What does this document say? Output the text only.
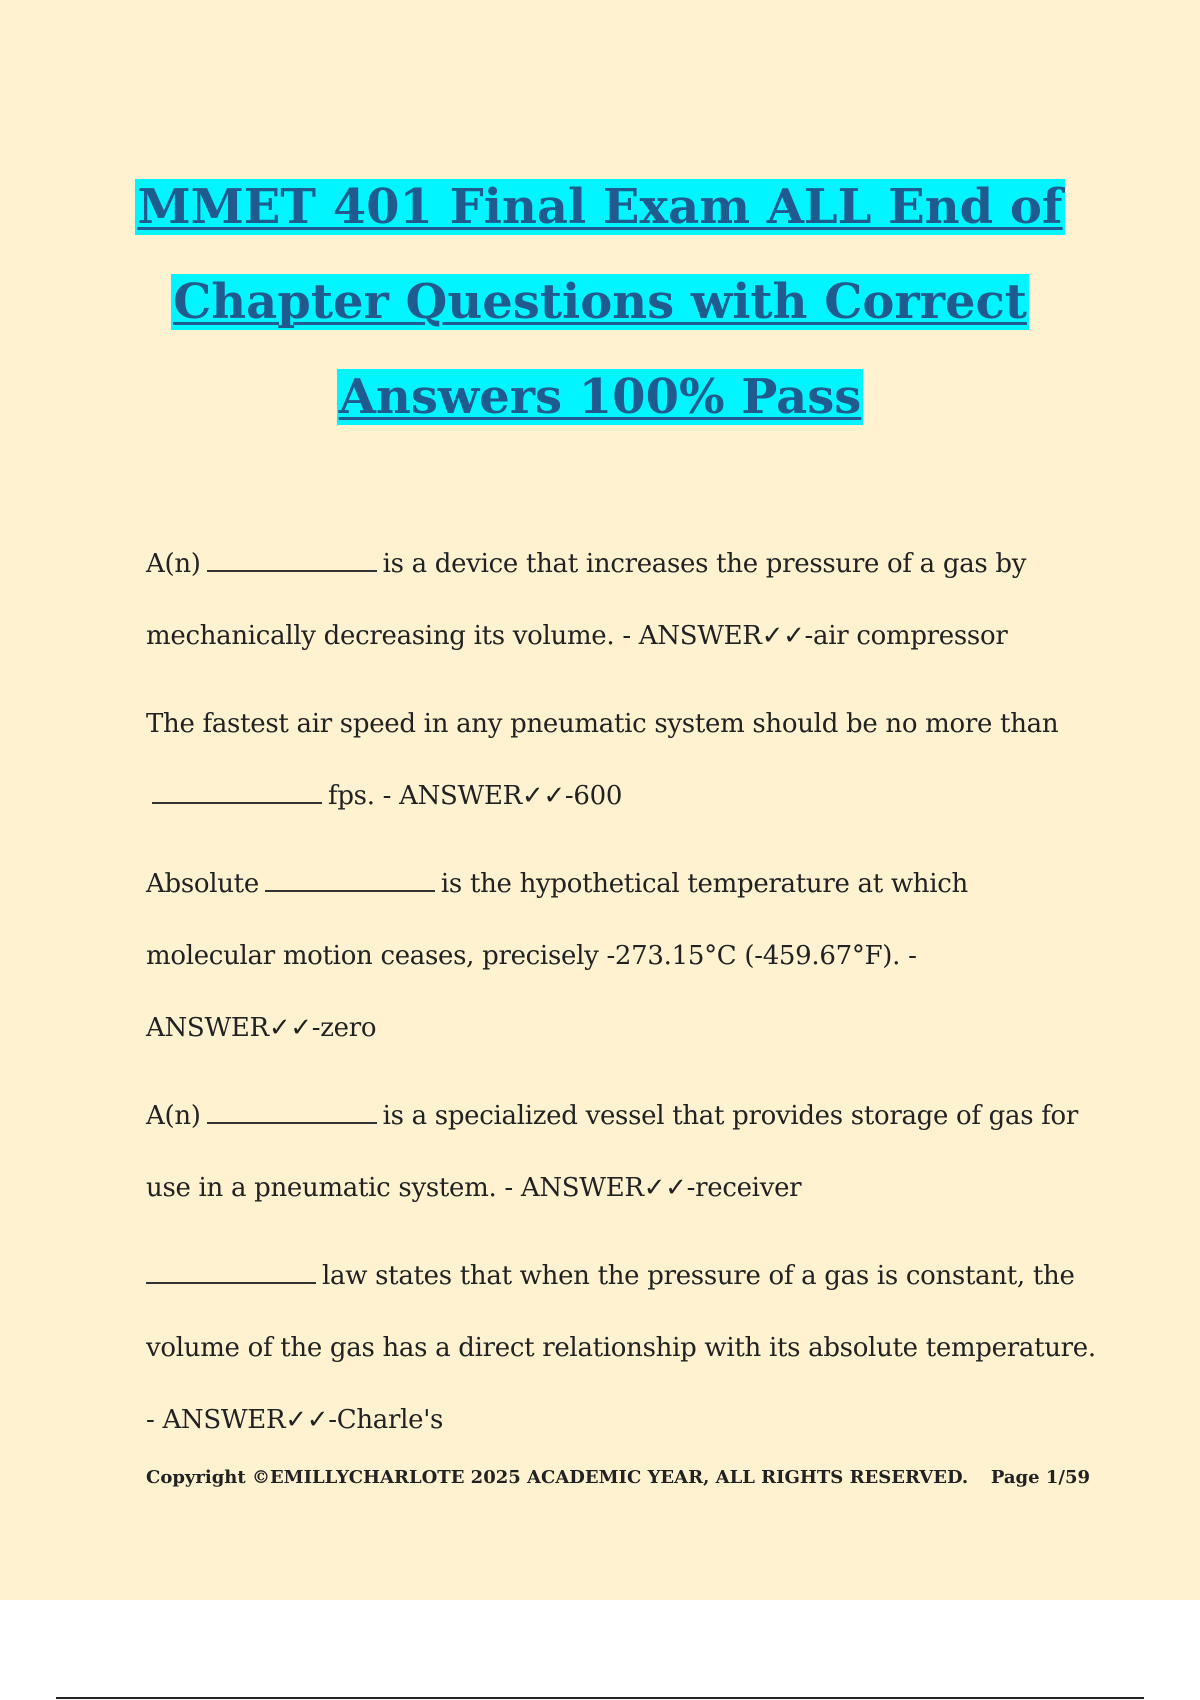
MMET 401 Final Exam ALL End of
Chapter Questions with Correct
Answers 100% Pass

A(n)	is a device that increases the pressure of a gas by mechanically decreasing its volume. - ANSWER✓✓-air compressor

The fastest air speed in any pneumatic system should be no more thanfps. - ANSWER✓✓-600

Absolute	is the hypothetical temperature at which molecular motion ceases, precisely -273.15°C (-459.67°F). - ANSWER✓✓-zero

A(n)	is a specialized vessel that provides storage of gas for use in a pneumatic system. - ANSWER✓✓-receiver

law states that when the pressure of a gas is constant, the volume of the gas has a direct relationship with its absolute temperature. - ANSWER✓✓-Charle's

Copyright ©EMILLYCHARLOTE 2025 ACADEMIC YEAR, ALL RIGHTS RESERVED. Page 1/59
